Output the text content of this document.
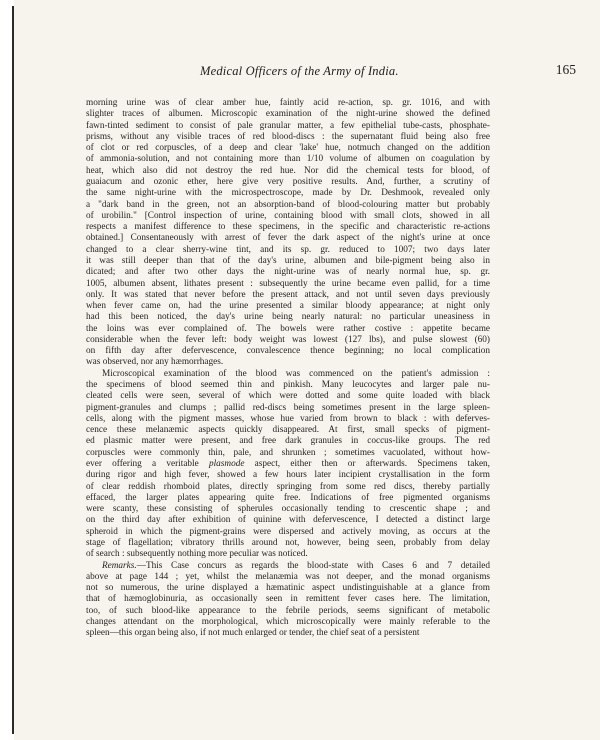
Medical Officers of the Army of India.	165

morning urine was of clear amber hue, faintly acid re-action, sp. gr. 1016, and with
slighter traces of albumen. Microscopic examination of the night-urine showed the defined
fawn-tinted sediment to consist of pale granular matter, a few epithelial tube-casts, phosphate-
prisms, without any visible traces of red blood-discs : the supernatant fluid being also free
of clot or red corpuscles, of a deep and clear 'lake' hue, notmuch changed on the addition
of ammonia-solution, and not containing more than 1/10 volume of albumen on coagulation by
heat, which also did not destroy the red hue. Nor did the chemical tests for blood, of
guaiacum and ozonic ether, here give very positive results. And, further, a scrutiny of
the same night-urine with the microspectroscope, made by Dr. Deshmook, revealed only
a "dark band in the green, not an absorption-band of blood-colouring matter but probably
of urobilin." [Control inspection of urine, containing blood with small clots, showed in all
respects a manifest difference to these specimens, in the specific and characteristic re-actions
obtained.] Consentaneously with arrest of fever the dark aspect of the night's urine at once
changed to a clear sherry-wine tint, and its sp. gr. reduced to 1007; two days later
it was still deeper than that of the day's urine, albumen and bile-pigment being also in
dicated; and after two other days the night-urine was of nearly normal hue, sp. gr.
1005, albumen absent, lithates present : subsequently the urine became even pallid, for a time
only. It was stated that never before the present attack, and not until seven days previously
when fever came on, had the urine presented a similar bloody appearance; at night only
had this been noticed, the day's urine being nearly natural: no particular uneasiness in
the loins was ever complained of. The bowels were rather costive : appetite became
considerable when the fever left: body weight was lowest (127 lbs), and pulse slowest (60)
on fifth day after defervescence, convalescence thence beginning; no local complication
was observed, nor any hæmorrhages.

Microscopical examination of the blood was commenced on the patient's admission :
the specimens of blood seemed thin and pinkish. Many leucocytes and larger pale nu-
cleated cells were seen, several of which were dotted and some quite loaded with black
pigment-granules and clumps ; pallid red-discs being sometimes present in the large spleen-
cells, along with the pigment masses, whose hue varied from brown to black : with deferves-
cence these melanæmic aspects quickly disappeared. At first, small specks of pigment-
ed plasmic matter were present, and free dark granules in coccus-like groups. The red
corpuscles were commonly thin, pale, and shrunken ; sometimes vacuolated, without how-
ever offering a veritable plasmode aspect, either then or afterwards. Specimens taken,
during rigor and high fever, showed a few hours later incipient crystallisation in the form
of clear reddish rhomboid plates, directly springing from some red discs, thereby partially
effaced, the larger plates appearing quite free. Indications of free pigmented organisms
were scanty, these consisting of spherules occasionally tending to crescentic shape ; and
on the third day after exhibition of quinine with defervescence, I detected a distinct large
spheroid in which the pigment-grains were dispersed and actively moving, as occurs at the
stage of flagellation; vibratory thrills around not, however, being seen, probably from delay
of search : subsequently nothing more peculiar was noticed.

Remarks.—This Case concurs as regards the blood-state with Cases 6 and 7 detailed
above at page 144 ; yet, whilst the melanæmia was not deeper, and the monad organisms
not so numerous, the urine displayed a hæmatinic aspect undistinguishable at a glance from
that of hæmoglobinuria, as occasionally seen in remittent fever cases here. The limitation,
too, of such blood-like appearance to the febrile periods, seems significant of metabolic
changes attendant on the morphological, which microscopically were mainly referable to the
spleen—this organ being also, if not much enlarged or tender, the chief seat of a persistent
